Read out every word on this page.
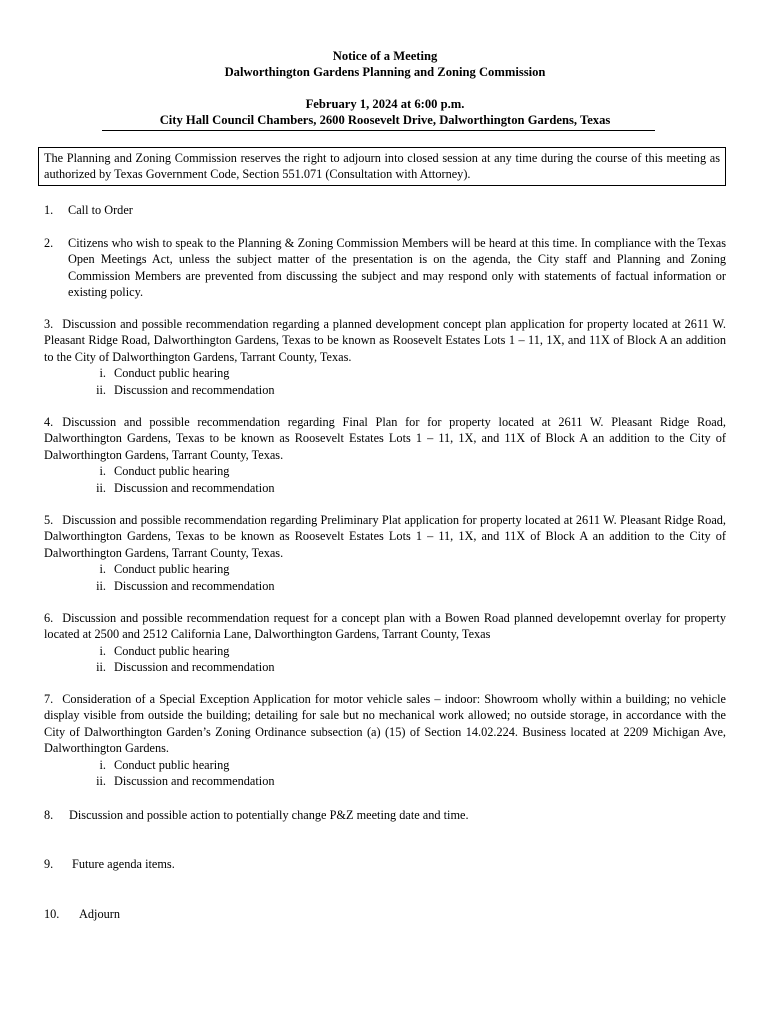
Notice of a Meeting
Dalworthington Gardens Planning and Zoning Commission
February 1, 2024 at 6:00 p.m.
City Hall Council Chambers, 2600 Roosevelt Drive, Dalworthington Gardens, Texas
The Planning and Zoning Commission reserves the right to adjourn into closed session at any time during the course of this meeting as authorized by Texas Government Code, Section 551.071 (Consultation with Attorney).
1.	Call to Order
2.	Citizens who wish to speak to the Planning & Zoning Commission Members will be heard at this time. In compliance with the Texas Open Meetings Act, unless the subject matter of the presentation is on the agenda, the City staff and Planning and Zoning Commission Members are prevented from discussing the subject and may respond only with statements of factual information or existing policy.
3. Discussion and possible recommendation regarding a planned development concept plan application for property located at 2611 W. Pleasant Ridge Road, Dalworthington Gardens, Texas to be known as Roosevelt Estates Lots 1 – 11, 1X, and 11X of Block A an addition to the City of Dalworthington Gardens, Tarrant County, Texas.
i. Conduct public hearing
ii. Discussion and recommendation
4. Discussion and possible recommendation regarding Final Plan for for property located at 2611 W. Pleasant Ridge Road, Dalworthington Gardens, Texas to be known as Roosevelt Estates Lots 1 – 11, 1X, and 11X of Block A an addition to the City of Dalworthington Gardens, Tarrant County, Texas.
i. Conduct public hearing
ii. Discussion and recommendation
5. Discussion and possible recommendation regarding Preliminary Plat application for property located at 2611 W. Pleasant Ridge Road, Dalworthington Gardens, Texas to be known as Roosevelt Estates Lots 1 – 11, 1X, and 11X of Block A an addition to the City of Dalworthington Gardens, Tarrant County, Texas.
i. Conduct public hearing
ii. Discussion and recommendation
6. Discussion and possible recommendation request for a concept plan with a Bowen Road planned developemnt overlay for property located at 2500 and 2512 California Lane, Dalworthington Gardens, Tarrant County, Texas
i. Conduct public hearing
ii. Discussion and recommendation
7. Consideration of a Special Exception Application for motor vehicle sales – indoor: Showroom wholly within a building; no vehicle display visible from outside the building; detailing for sale but no mechanical work allowed; no outside storage, in accordance with the City of Dalworthington Garden’s Zoning Ordinance subsection (a) (15) of Section 14.02.224. Business located at 2209 Michigan Ave, Dalworthington Gardens.
i. Conduct public hearing
ii. Discussion and recommendation
8. Discussion and possible action to potentially change P&Z meeting date and time.
9. Future agenda items.
10. Adjourn
